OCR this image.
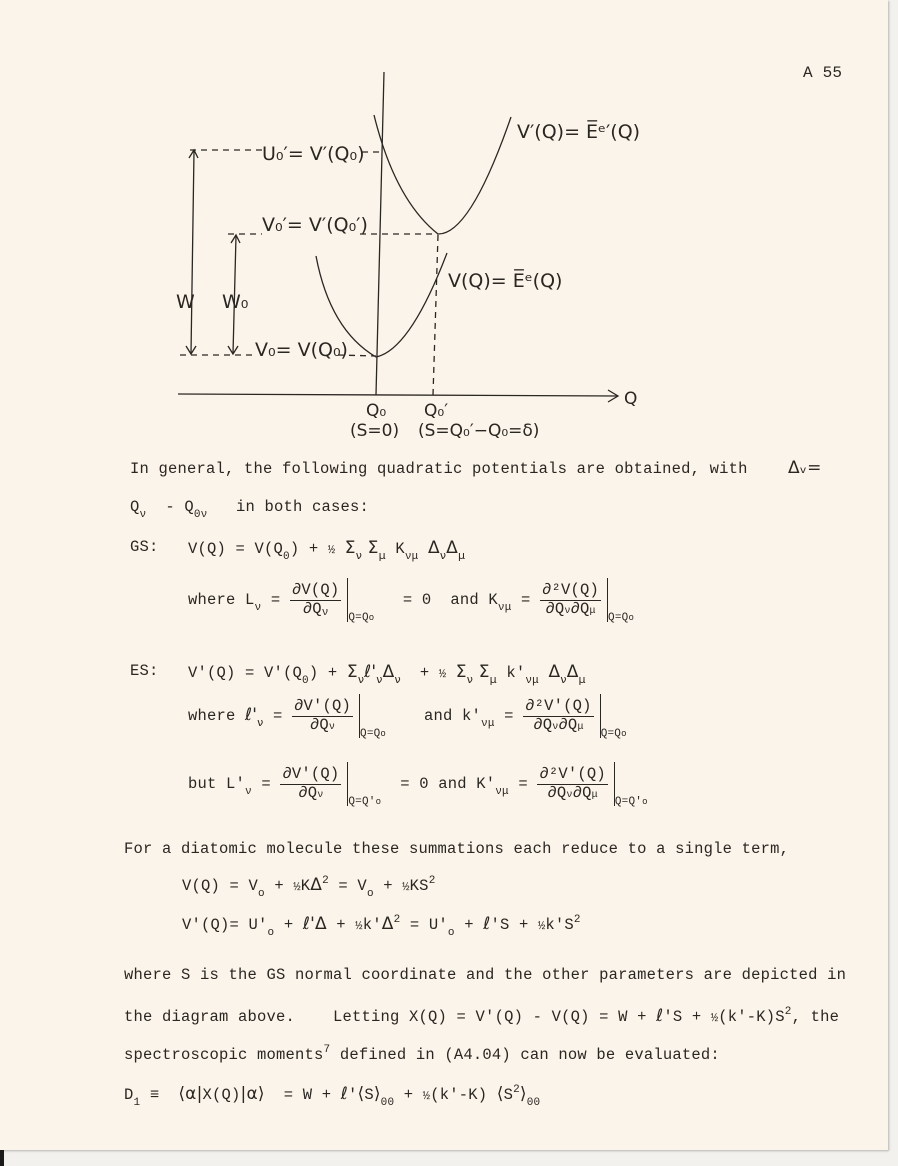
A 55
U₀′= V′(Q₀)
V₀′= V′(Q₀′)
V₀= V(Q₀)
V′(Q)= E̅ᵉ′(Q)
V(Q)= E̅ᵉ(Q)
W W₀
Q₀ Q₀′
(S=0) (S=Q₀′−Q₀=δ)
Q
In general, the following quadratic potentials are obtained, with Δᵥ=
$Q_\nu - Q_{0\nu}$ in both cases:
GS: $V(Q) = V(Q_0)$ + ½ $\Sigma_\nu$ $\Sigma_\mu$ $K_{\nu\mu}$ $\Delta_\nu\Delta_\mu$
where $L_\nu = \frac{\partial V(Q)}{\partial Q\nu}$
$_{Q=Qo}$   = 0  and $K_{\nu\mu} = \frac{\text{∂²V(Q)}}{\partial Q\nu\partial Q\mu}$
$_{Q=Qo}$
ES: $V'(Q) = V'(Q_0)$ + $\Sigma_\nu\ell'_\nu\Delta_\nu$  + ½ $\Sigma_\nu$ $\Sigma_\mu$ $k'_{\nu\mu}$ $\Delta_\nu\Delta_\mu$
where $\ell'_\nu = \frac{\partial V'(Q)}{\partial Q\nu}$
$_{Q=Qo}$    and $k'_{\nu\mu} = \frac{\text{∂²V'(Q)}}{\partial Q\nu\partial Q\mu}$
$_{Q=Qo}$
but $L'_\nu = \frac{\partial V'(Q)}{\partial Q\nu}$
$_{Q=Q'o}$  = 0 and $K'_{\nu\mu} = \frac{\text{∂²V'(Q)}}{\partial Q\nu\partial Q\mu}$
$_{Q=Q'o}$
For a diatomic molecule these summations each reduce to a single term,
$V(Q) = V_o$ + $\frac{1}{2}K\Delta^2 = V_o$ + $\frac{1}{2}KS^2$
$V'(Q)= U'_o$ + ℓ'Δ + $\frac{1}{2}k'\Delta^2 = U'_o$ + ℓ'S + $\frac{1}{2}k'S^2$
where S is the GS normal coordinate and the other parameters are depicted in
the diagram above.    Letting X(Q) = V'(Q) - V(Q) = W + ℓ'S + $\frac{1}{2}(k'-K)S^2$, the
spectroscopic moments$^7$ defined in (A4.04) can now be evaluated:
$D_1$ ≡  ⟨α|X(Q)|α⟩  = $W + \ell'⟨S⟩_{00}$ + ½(k'-K) $⟨S^2⟩_{00}$
